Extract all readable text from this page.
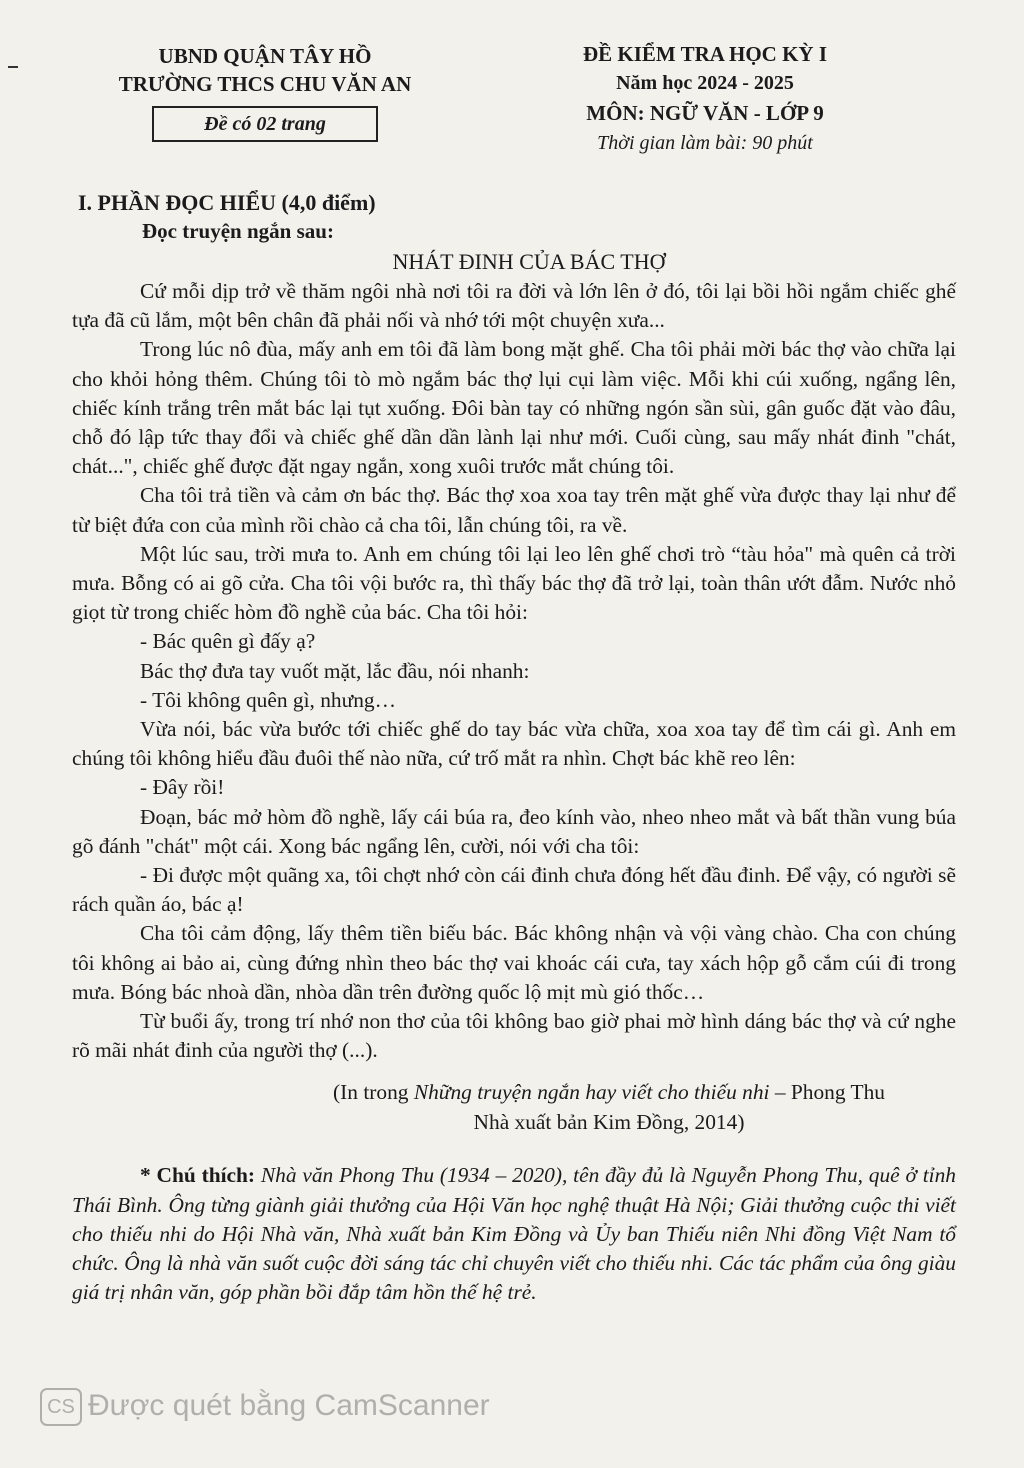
UBND QUẬN TÂY HỒ
TRƯỜNG THCS CHU VĂN AN
Đề có 02 trang
ĐỀ KIỂM TRA HỌC KỲ I
Năm học 2024 - 2025
MÔN: NGỮ VĂN - LỚP 9
Thời gian làm bài: 90 phút
I. PHẦN ĐỌC HIỂU (4,0 điểm)
Đọc truyện ngắn sau:
NHÁT ĐINH CỦA BÁC THỢ

Cứ mỗi dịp trở về thăm ngôi nhà nơi tôi ra đời và lớn lên ở đó, tôi lại bồi hồi ngắm chiếc ghế tựa đã cũ lắm, một bên chân đã phải nối và nhớ tới một chuyện xưa...

Trong lúc nô đùa, mấy anh em tôi đã làm bong mặt ghế. Cha tôi phải mời bác thợ vào chữa lại cho khỏi hỏng thêm. Chúng tôi tò mò ngắm bác thợ lụi cụi làm việc. Mỗi khi cúi xuống, ngẩng lên, chiếc kính trắng trên mắt bác lại tụt xuống. Đôi bàn tay có những ngón sần sùi, gân guốc đặt vào đâu, chỗ đó lập tức thay đổi và chiếc ghế dần dần lành lại như mới. Cuối cùng, sau mấy nhát đinh "chát, chát...", chiếc ghế được đặt ngay ngắn, xong xuôi trước mắt chúng tôi.

Cha tôi trả tiền và cảm ơn bác thợ. Bác thợ xoa xoa tay trên mặt ghế vừa được thay lại như để từ biệt đứa con của mình rồi chào cả cha tôi, lẫn chúng tôi, ra về.

Một lúc sau, trời mưa to. Anh em chúng tôi lại leo lên ghế chơi trò “tàu hỏa" mà quên cả trời mưa. Bỗng có ai gõ cửa. Cha tôi vội bước ra, thì thấy bác thợ đã trở lại, toàn thân ướt đẫm. Nước nhỏ giọt từ trong chiếc hòm đồ nghề của bác. Cha tôi hỏi:

- Bác quên gì đấy ạ?

Bác thợ đưa tay vuốt mặt, lắc đầu, nói nhanh:

- Tôi không quên gì, nhưng…

Vừa nói, bác vừa bước tới chiếc ghế do tay bác vừa chữa, xoa xoa tay để tìm cái gì. Anh em chúng tôi không hiểu đầu đuôi thế nào nữa, cứ trố mắt ra nhìn. Chợt bác khẽ reo lên:

- Đây rồi!

Đoạn, bác mở hòm đồ nghề, lấy cái búa ra, đeo kính vào, nheo nheo mắt và bất thần vung búa gõ đánh "chát" một cái. Xong bác ngẩng lên, cười, nói với cha tôi:

- Đi được một quãng xa, tôi chợt nhớ còn cái đinh chưa đóng hết đầu đinh. Để vậy, có người sẽ rách quần áo, bác ạ!

Cha tôi cảm động, lấy thêm tiền biếu bác. Bác không nhận và vội vàng chào. Cha con chúng tôi không ai bảo ai, cùng đứng nhìn theo bác thợ vai khoác cái cưa, tay xách hộp gỗ cắm cúi đi trong mưa. Bóng bác nhoà dần, nhòa dần trên đường quốc lộ mịt mù gió thốc…

Từ buổi ấy, trong trí nhớ non thơ của tôi không bao giờ phai mờ hình dáng bác thợ và cứ nghe rõ mãi nhát đinh của người thợ (...).

(In trong Những truyện ngắn hay viết cho thiếu nhi – Phong Thu
Nhà xuất bản Kim Đồng, 2014)
* Chú thích: Nhà văn Phong Thu (1934 – 2020), tên đầy đủ là Nguyễn Phong Thu, quê ở tỉnh Thái Bình. Ông từng giành giải thưởng của Hội Văn học nghệ thuật Hà Nội; Giải thưởng cuộc thi viết cho thiếu nhi do Hội Nhà văn, Nhà xuất bản Kim Đồng và Ủy ban Thiếu niên Nhi đồng Việt Nam tổ chức. Ông là nhà văn suốt cuộc đời sáng tác chỉ chuyên viết cho thiếu nhi. Các tác phẩm của ông giàu giá trị nhân văn, góp phần bồi đắp tâm hồn thế hệ trẻ.
CS Được quét bằng CamScanner
